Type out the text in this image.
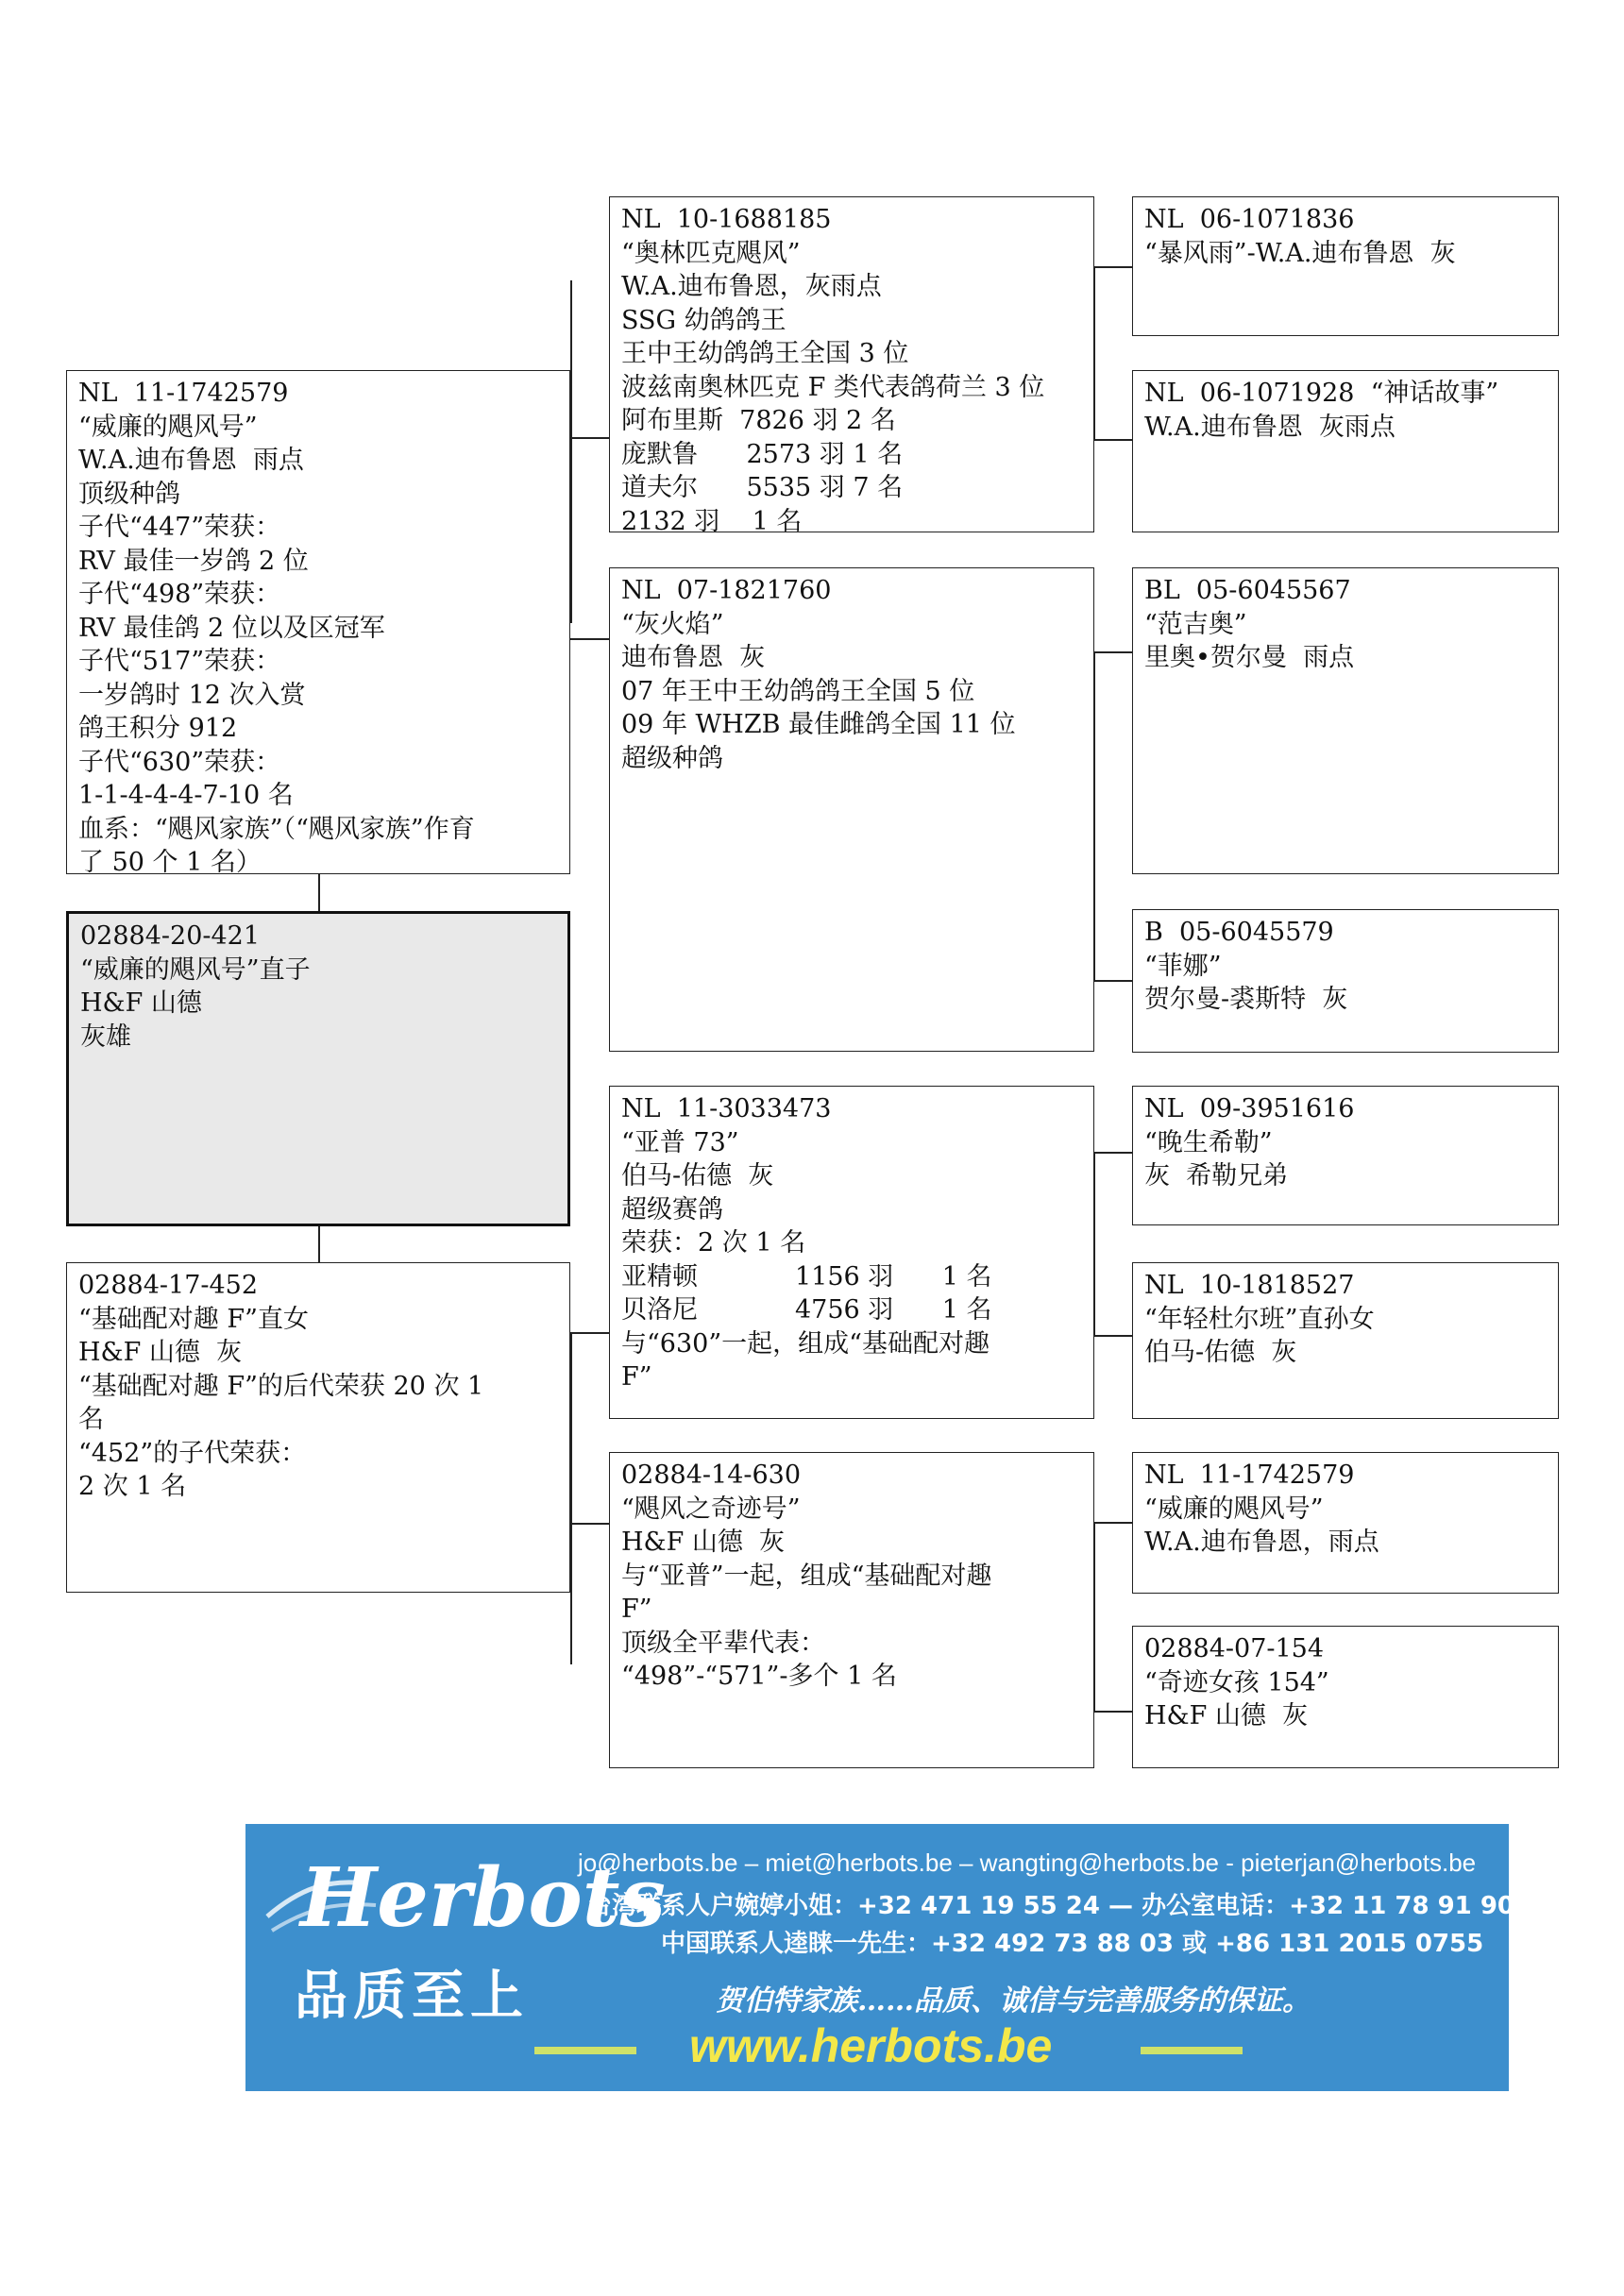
NL  11-1742579
“威廉的飓风号”
W.A.迪布鲁恩  雨点
顶级种鸽
子代“447”荣获：
RV 最佳一岁鸽 2 位
子代“498”荣获：
RV 最佳鸽 2 位以及区冠军
子代“517”荣获：
一岁鸽时 12 次入赏
鸽王积分 912
子代“630”荣获：
1-1-4-4-4-7-10 名
血系：“飓风家族”（“飓风家族”作育
了 50 个 1 名）
02884-20-421
“威廉的飓风号”直子
H&F 山德
灰雄
02884-17-452
“基础配对趣 F”直女
H&F 山德  灰
“基础配对趣 F”的后代荣获 20 次 1
名
“452”的子代荣获：
2 次 1 名
NL  10-1688185
“奥林匹克飓风”
W.A.迪布鲁恩，灰雨点
SSG 幼鸽鸽王
王中王幼鸽鸽王全国 3 位
波兹南奥林匹克 F 类代表鸽荷兰 3 位
阿布里斯  7826 羽 2 名
庞默鲁      2573 羽 1 名
道夫尔      5535 羽 7 名
2132 羽    1 名
NL  07-1821760
“灰火焰”
迪布鲁恩  灰
07 年王中王幼鸽鸽王全国 5 位
09 年 WHZB 最佳雌鸽全国 11 位
超级种鸽
NL  11-3033473
“亚普 73”
伯马-佑德  灰
超级赛鸽
荣获：2 次 1 名
亚精顿            1156 羽      1 名
贝洛尼            4756 羽      1 名
与“630”一起，组成“基础配对趣
F”
02884-14-630
“飓风之奇迹号”
H&F 山德  灰
与“亚普”一起，组成“基础配对趣
F”
顶级全平辈代表：
“498”-“571”-多个 1 名
NL  06-1071836
“暴风雨”-W.A.迪布鲁恩  灰
NL  06-1071928  “神话故事”
W.A.迪布鲁恩  灰雨点
BL  05-6045567
“范吉奥”
里奥•贺尔曼  雨点
B  05-6045579
“菲娜”
贺尔曼-裘斯特  灰
NL  09-3951616
“晚生希勒”
灰  希勒兄弟
NL  10-1818527
“年轻杜尔班”直孙女
伯马-佑德  灰
NL  11-1742579
“威廉的飓风号”
W.A.迪布鲁恩，雨点
02884-07-154
“奇迹女孩 154”
H&F 山德  灰
Herbots
品质至上
jo@herbots.be – miet@herbots.be – wangting@herbots.be - pieterjan@herbots.be
台湾联系人户婉婷小姐：+32 471 19 55 24 — 办公室电话：+32 11 78 91 90
中国联系人逵睐一先生：+32 492 73 88 03 或 +86 131 2015 0755
贺伯特家族……品质、诚信与完善服务的保证。
www.herbots.be
